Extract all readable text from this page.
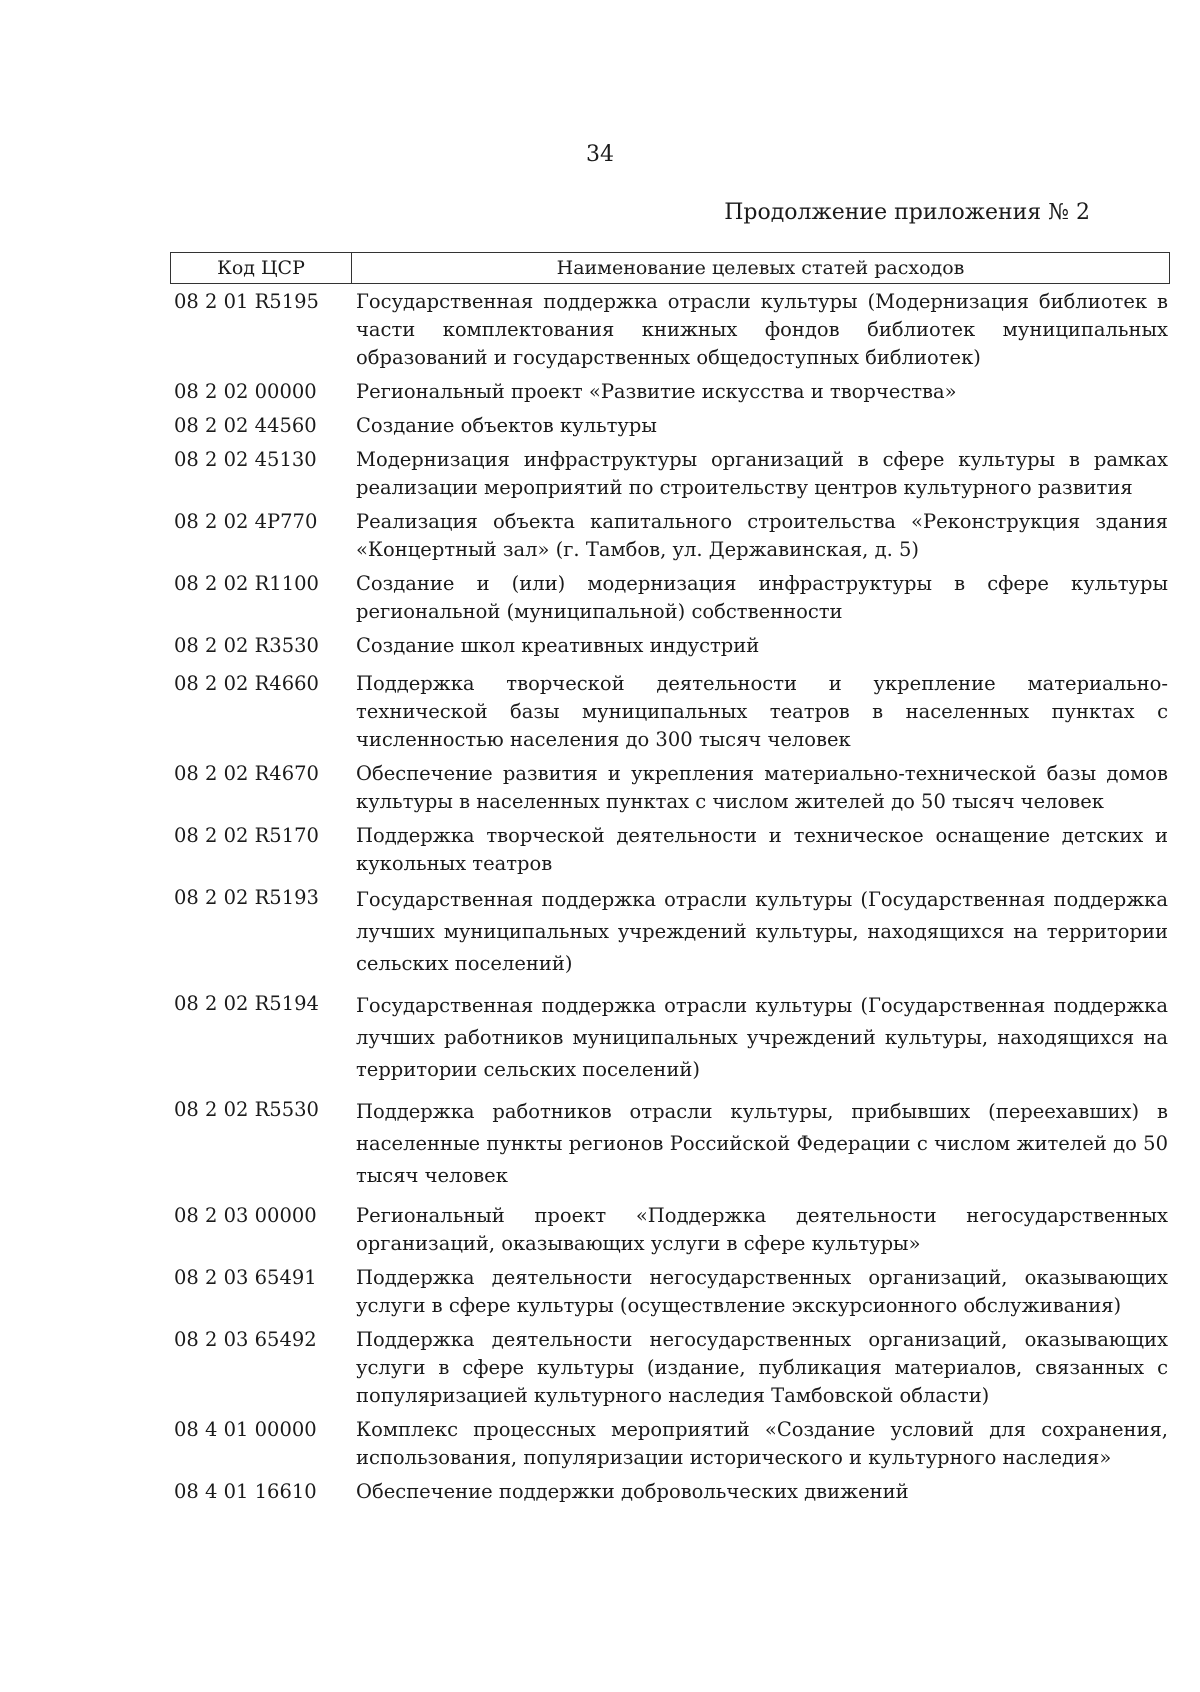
34
Продолжение приложения № 2
Код ЦСР	Наименование целевых статей расходов
08 2 01 R5195	Государственная поддержка отрасли культуры (Модернизация библиотек в части комплектования книжных фондов библиотек муниципальных образований и государственных общедоступных библиотек)
08 2 02 00000	Региональный проект «Развитие искусства и творчества»
08 2 02 44560	Создание объектов культуры
08 2 02 45130	Модернизация инфраструктуры организаций в сфере культуры в рамках реализации мероприятий по строительству центров культурного развития
08 2 02 4P770	Реализация объекта капитального строительства «Реконструкция здания «Концертный зал» (г. Тамбов, ул. Державинская, д. 5)
08 2 02 R1100	Создание и (или) модернизация инфраструктуры в сфере культуры региональной (муниципальной) собственности
08 2 02 R3530	Создание школ креативных индустрий
08 2 02 R4660	Поддержка творческой деятельности и укрепление материально-технической базы муниципальных театров в населенных пунктах с численностью населения до 300 тысяч человек
08 2 02 R4670	Обеспечение развития и укрепления материально-технической базы домов культуры в населенных пунктах с числом жителей до 50 тысяч человек
08 2 02 R5170	Поддержка творческой деятельности и техническое оснащение детских и кукольных театров
08 2 02 R5193	Государственная поддержка отрасли культуры (Государственная поддержка лучших муниципальных учреждений культуры, находящихся на территории сельских поселений)
08 2 02 R5194	Государственная поддержка отрасли культуры (Государственная поддержка лучших работников муниципальных учреждений культуры, находящихся на территории сельских поселений)
08 2 02 R5530	Поддержка работников отрасли культуры, прибывших (переехавших) в населенные пункты регионов Российской Федерации с числом жителей до 50 тысяч человек
08 2 03 00000	Региональный проект «Поддержка деятельности негосударственных организаций, оказывающих услуги в сфере культуры»
08 2 03 65491	Поддержка деятельности негосударственных организаций, оказывающих услуги в сфере культуры (осуществление экскурсионного обслуживания)
08 2 03 65492	Поддержка деятельности негосударственных организаций, оказывающих услуги в сфере культуры (издание, публикация материалов, связанных с популяризацией культурного наследия Тамбовской области)
08 4 01 00000	Комплекс процессных мероприятий «Создание условий для сохранения, использования, популяризации исторического и культурного наследия»
08 4 01 16610	Обеспечение поддержки добровольческих движений
